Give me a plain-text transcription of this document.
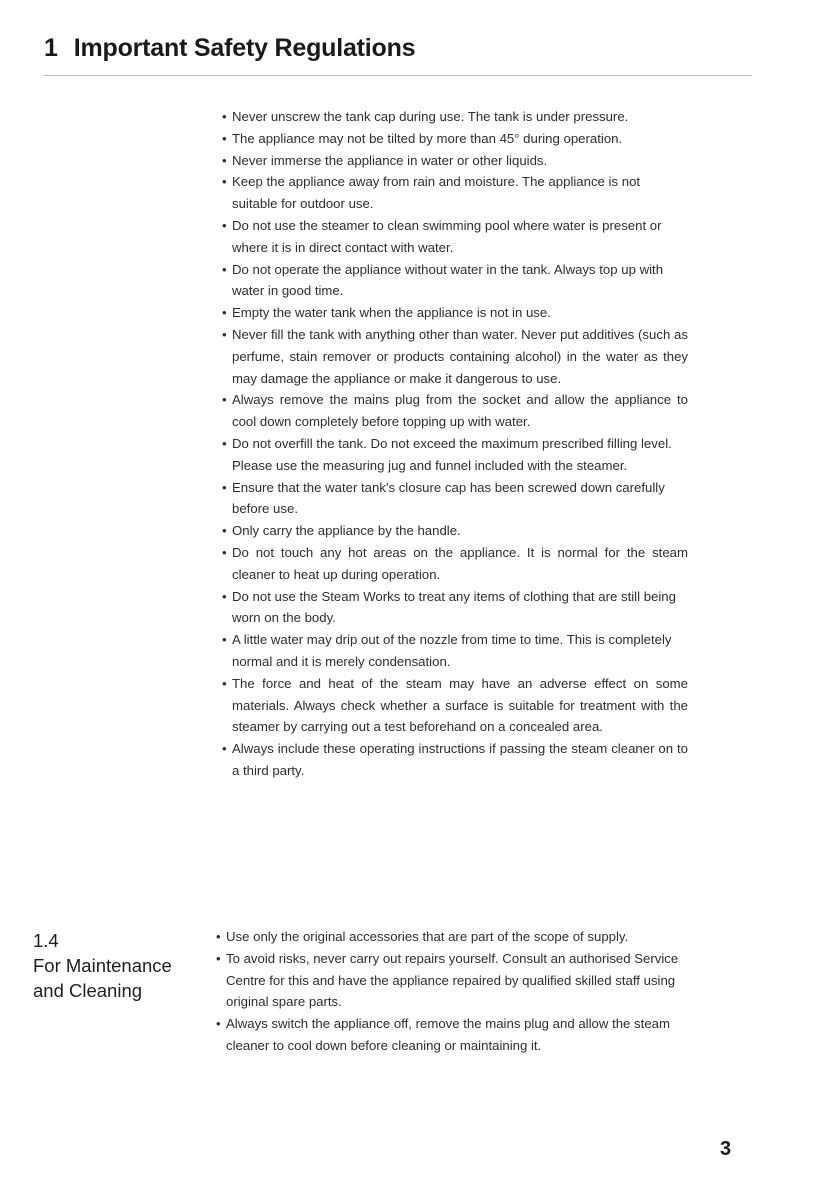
1 Important Safety Regulations
• Never unscrew the tank cap during use. The tank is under pressure.
• The appliance may not be tilted by more than 45° during operation.
• Never immerse the appliance in water or other liquids.
• Keep the appliance away from rain and moisture. The appliance is not suitable for outdoor use.
• Do not use the steamer to clean swimming pool where water is present or where it is in direct contact with water.
• Do not operate the appliance without water in the tank. Always top up with water in good time.
• Empty the water tank when the appliance is not in use.
• Never fill the tank with anything other than water. Never put additives (such as perfume, stain remover or products containing alcohol) in the water as they may damage the appliance or make it dangerous to use.
• Always remove the mains plug from the socket and allow the appliance to cool down completely before topping up with water.
• Do not overfill the tank. Do not exceed the maximum prescribed filling level. Please use the measuring jug and funnel included with the steamer.
• Ensure that the water tank's closure cap has been screwed down carefully before use.
• Only carry the appliance by the handle.
• Do not touch any hot areas on the appliance. It is normal for the steam cleaner to heat up during operation.
• Do not use the Steam Works to treat any items of clothing that are still being worn on the body.
• A little water may drip out of the nozzle from time to time. This is completely normal and it is merely condensation.
• The force and heat of the steam may have an adverse effect on some materials. Always check whether a surface is suitable for treatment with the steamer by carrying out a test beforehand on a concealed area.
• Always include these operating instructions if passing the steam cleaner on to a third party.
1.4
For Maintenance
and Cleaning
• Use only the original accessories that are part of the scope of supply.
• To avoid risks, never carry out repairs yourself. Consult an authorised Service Centre for this and have the appliance repaired by qualified skilled staff using original spare parts.
• Always switch the appliance off, remove the mains plug and allow the steam cleaner to cool down before cleaning or maintaining it.
3
